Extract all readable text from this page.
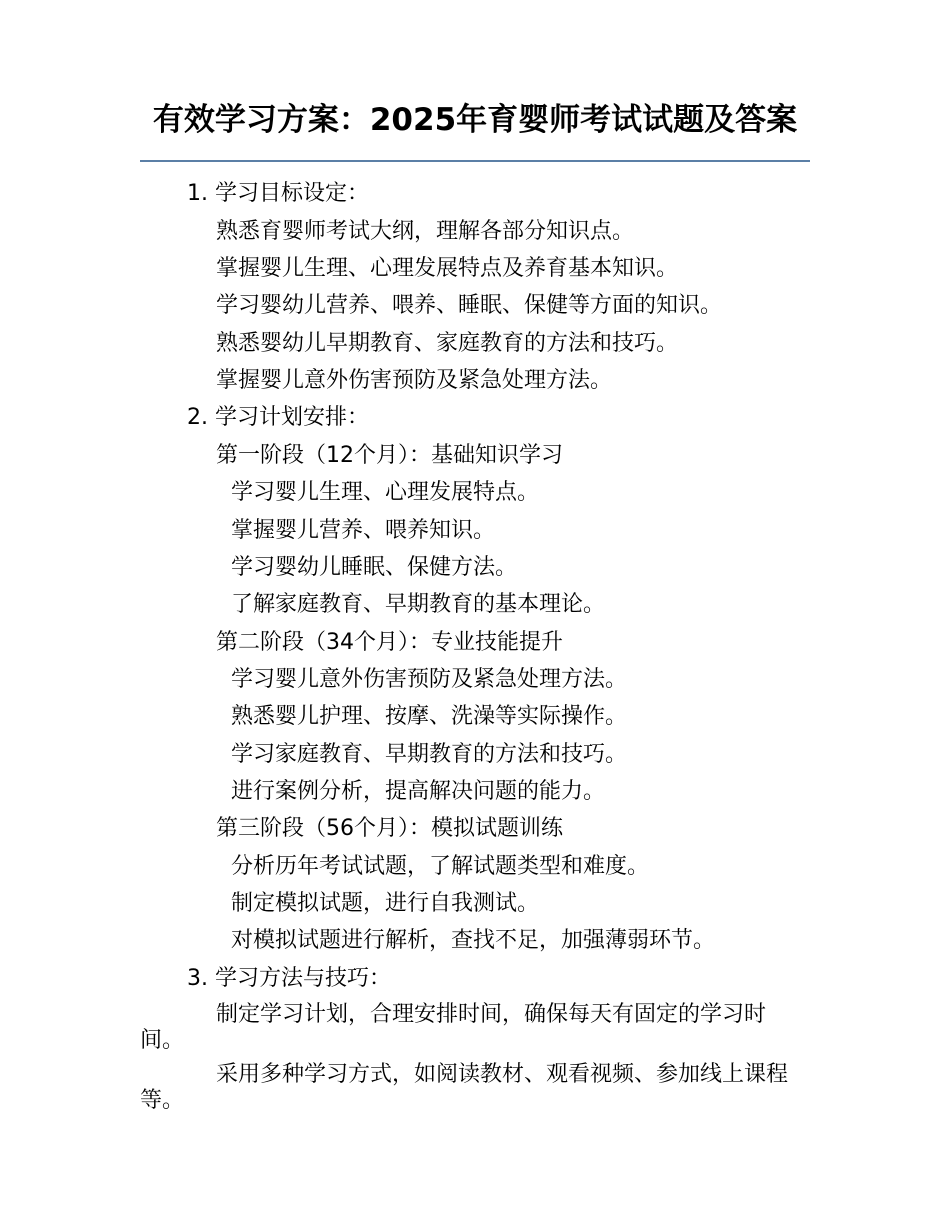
有效学习方案：2025年育婴师考试试题及答案

1. 学习目标设定：

熟悉育婴师考试大纲，理解各部分知识点。

掌握婴儿生理、心理发展特点及养育基本知识。

学习婴幼儿营养、喂养、睡眠、保健等方面的知识。

熟悉婴幼儿早期教育、家庭教育的方法和技巧。

掌握婴儿意外伤害预防及紧急处理方法。

2. 学习计划安排：

第一阶段（12个月）：基础知识学习

学习婴儿生理、心理发展特点。

掌握婴儿营养、喂养知识。

学习婴幼儿睡眠、保健方法。

了解家庭教育、早期教育的基本理论。

第二阶段（34个月）：专业技能提升

学习婴儿意外伤害预防及紧急处理方法。

熟悉婴儿护理、按摩、洗澡等实际操作。

学习家庭教育、早期教育的方法和技巧。

进行案例分析，提高解决问题的能力。

第三阶段（56个月）：模拟试题训练

分析历年考试试题，了解试题类型和难度。

制定模拟试题，进行自我测试。

对模拟试题进行解析，查找不足，加强薄弱环节。

3. 学习方法与技巧：

制定学习计划，合理安排时间，确保每天有固定的学习时间。

采用多种学习方式，如阅读教材、观看视频、参加线上课程等。
